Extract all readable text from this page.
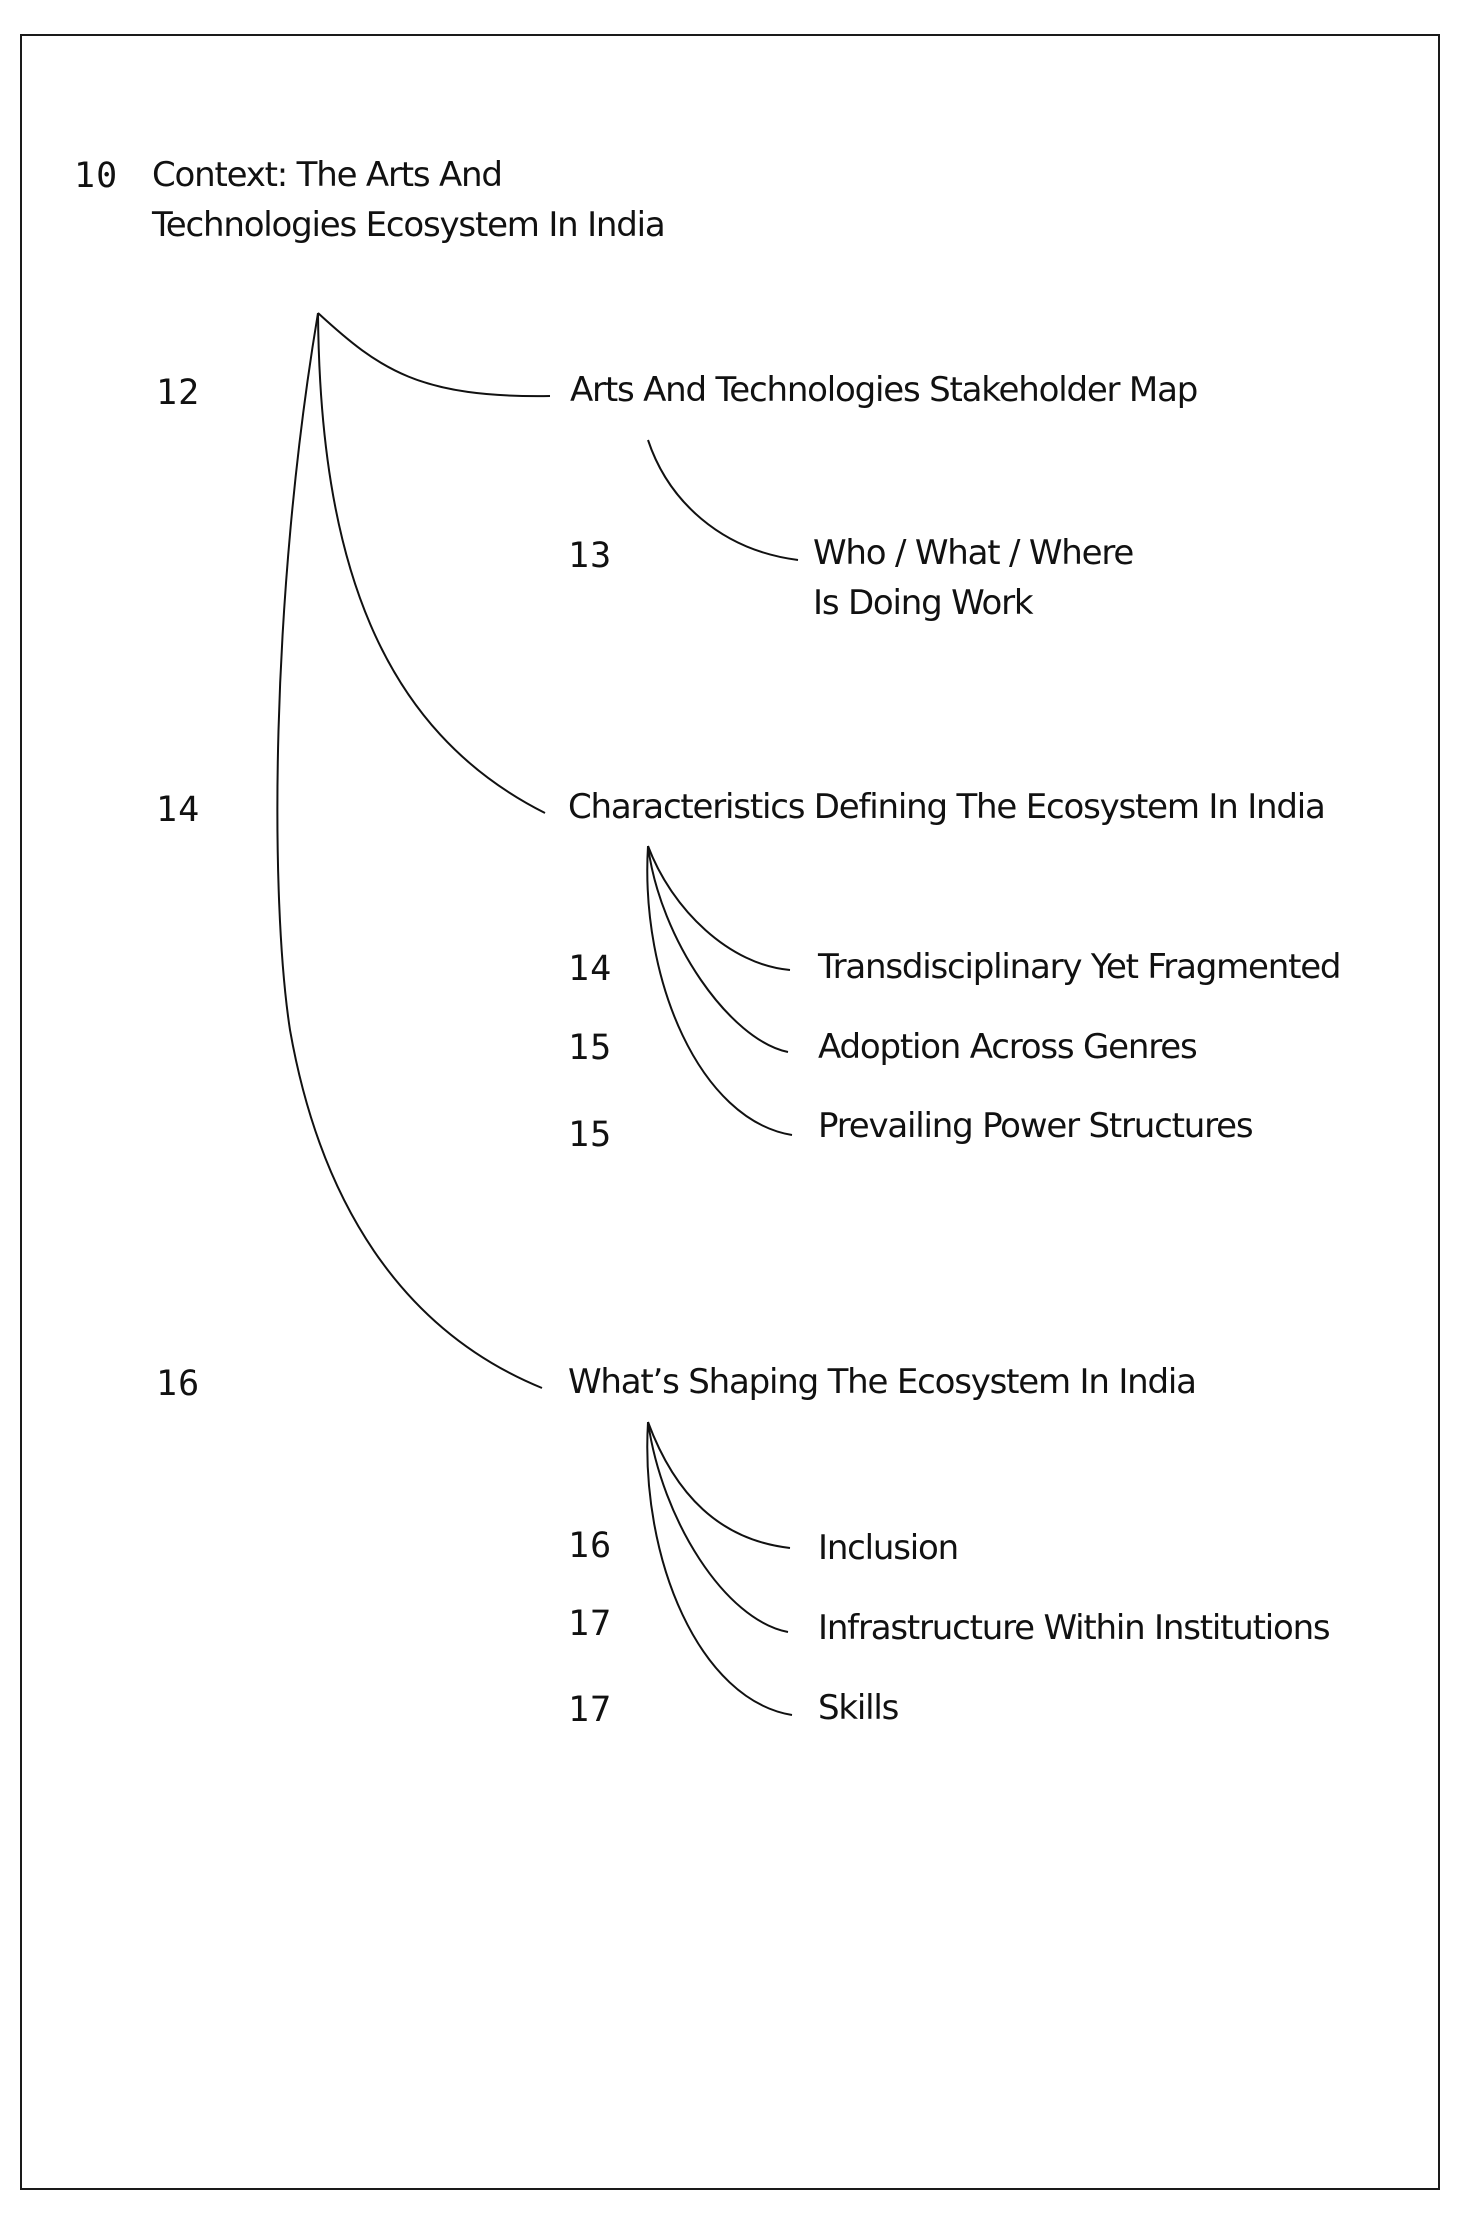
10 Context: The Arts And
Technologies Ecosystem In India
12	Arts And Technologies Stakeholder Map
13	Who / What / Where
Is Doing Work
14	Characteristics Defining The Ecosystem In India
14	Transdisciplinary Yet Fragmented
15	Adoption Across Genres
15	Prevailing Power Structures
16	What’s Shaping The Ecosystem In India
16	Inclusion
17	Infrastructure Within Institutions
17	Skills
